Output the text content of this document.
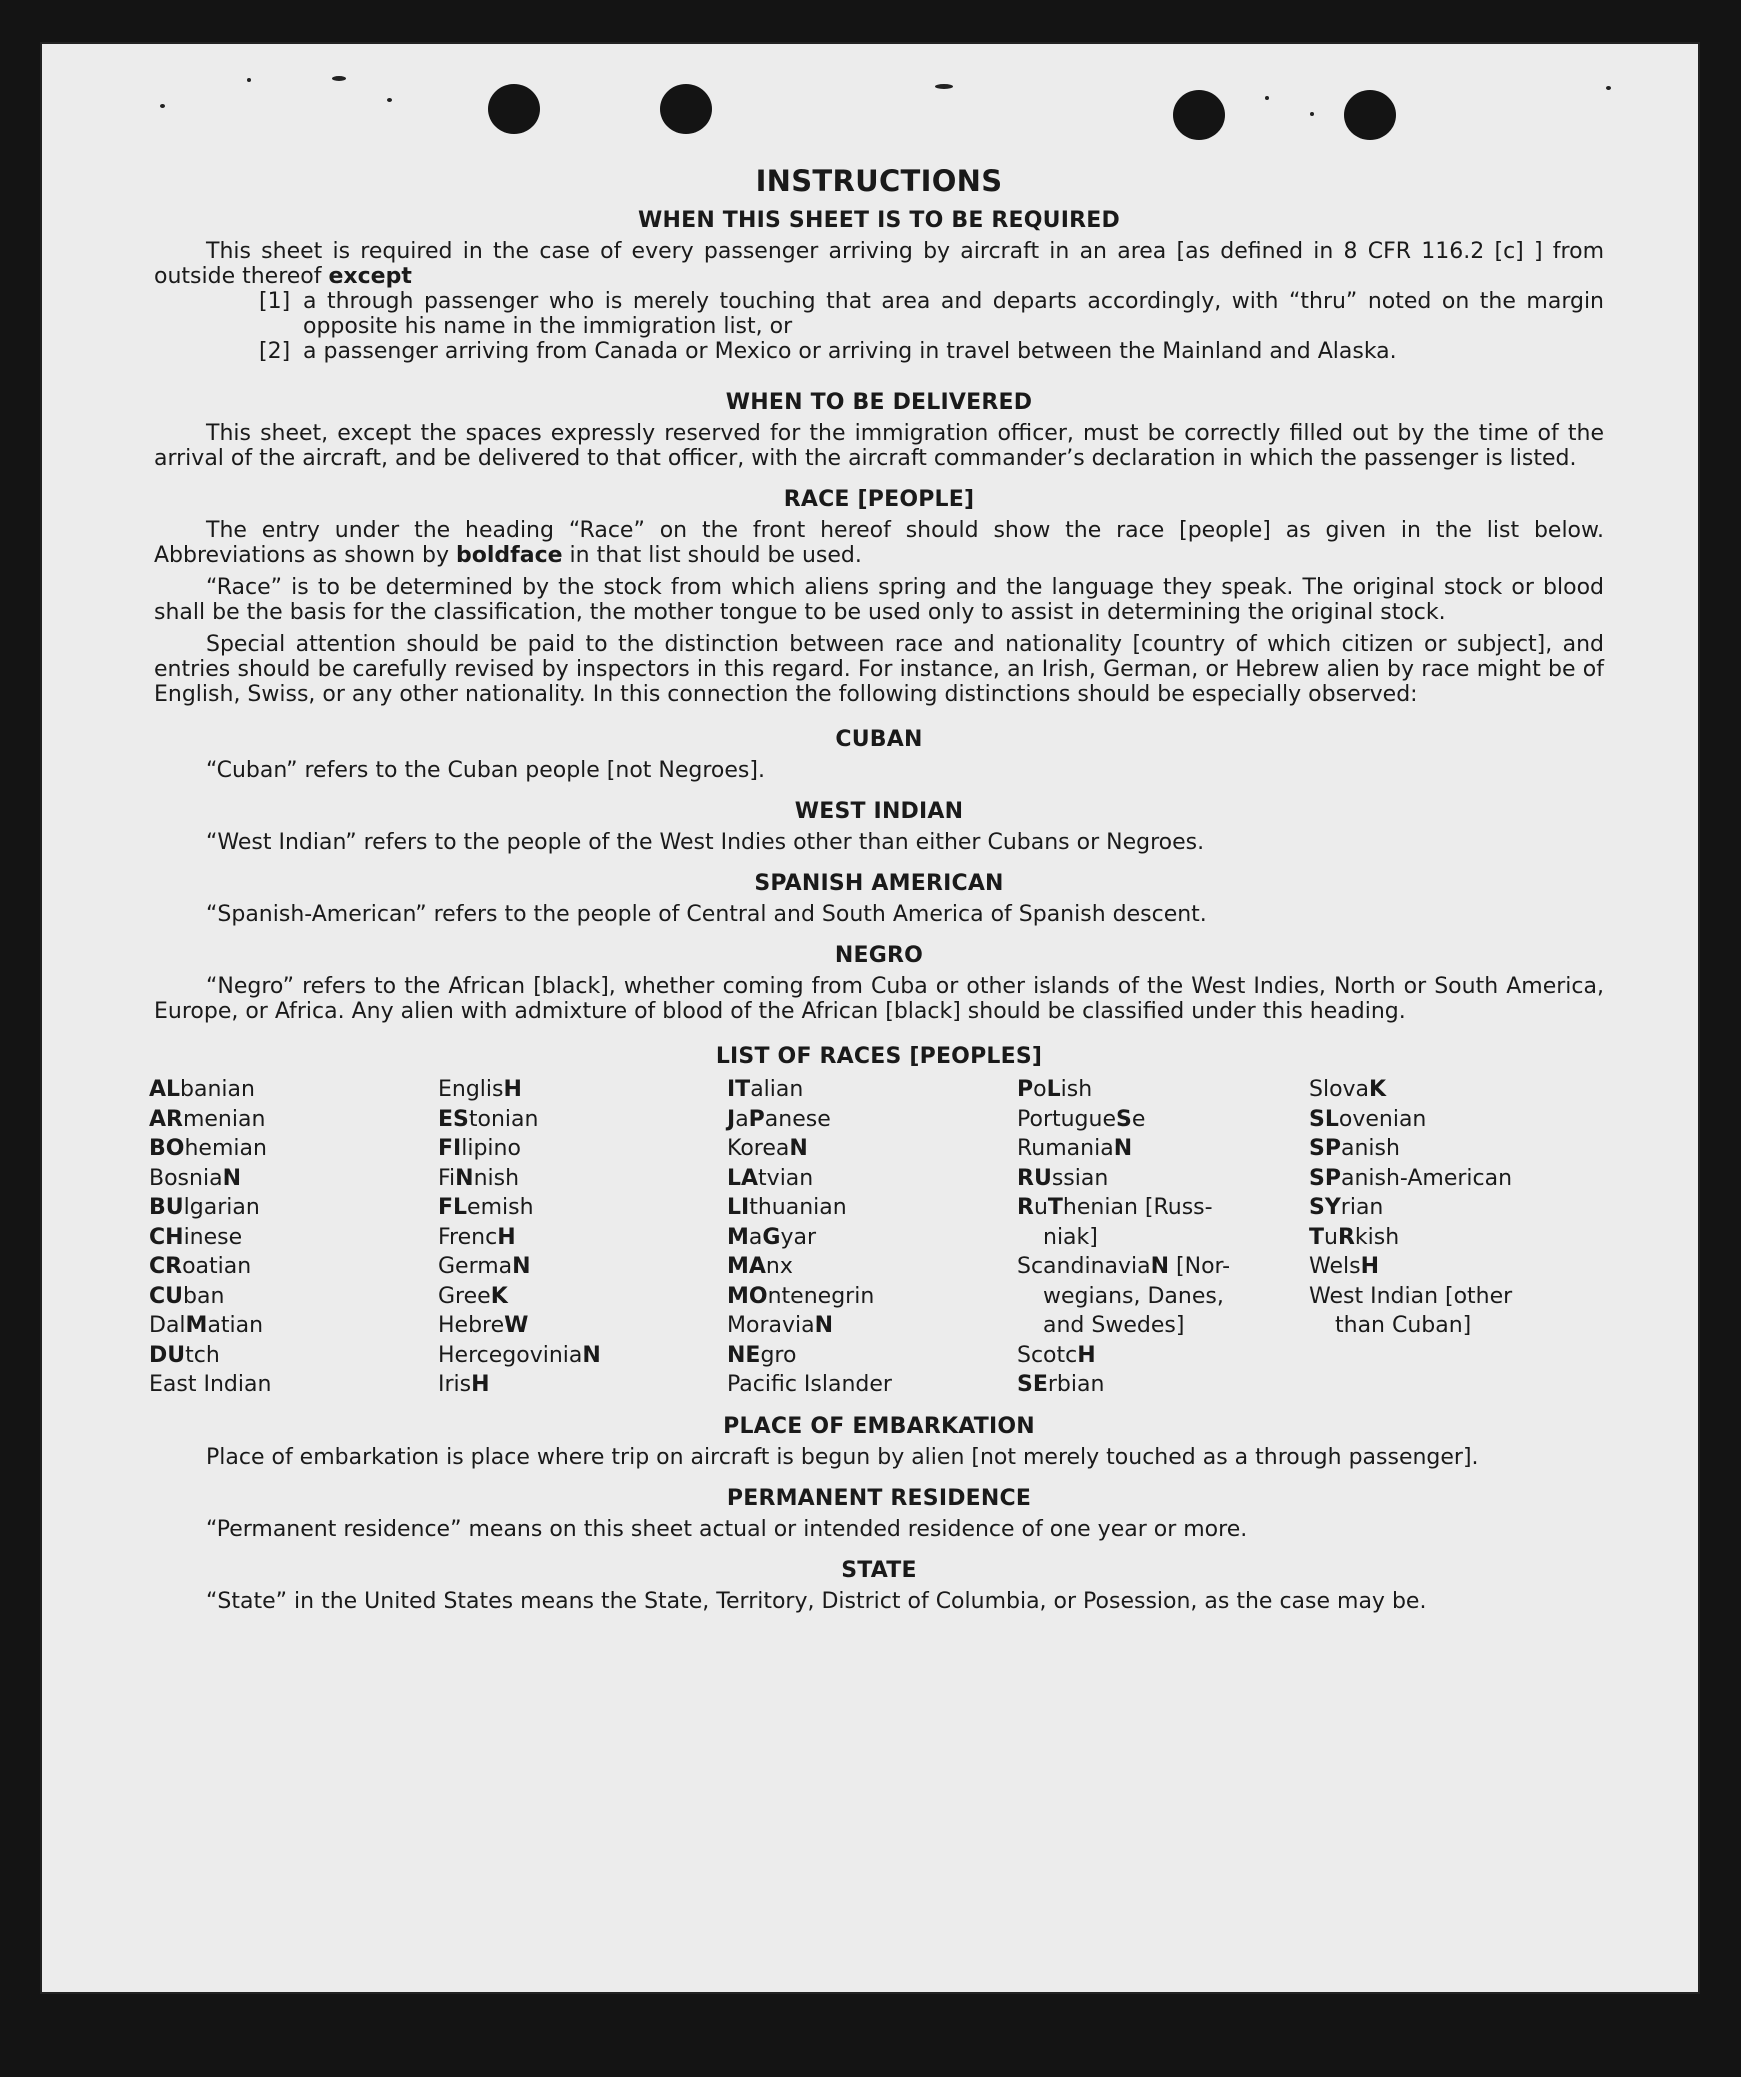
INSTRUCTIONS
WHEN THIS SHEET IS TO BE REQUIRED

This sheet is required in the case of every passenger arriving by aircraft in an area [as defined in 8 CFR 116.2 [c] ] from outside thereof except

[1] a through passenger who is merely touching that area and departs accordingly, with “thru” noted on the margin opposite his name in the immigration list, or
[2] a passenger arriving from Canada or Mexico or arriving in travel between the Mainland and Alaska.
WHEN TO BE DELIVERED

This sheet, except the spaces expressly reserved for the immigration officer, must be correctly filled out by the time of the arrival of the aircraft, and be delivered to that officer, with the aircraft commander’s declaration in which the passenger is listed.

RACE [PEOPLE]

The entry under the heading “Race” on the front hereof should show the race [people] as given in the list below. Abbreviations as shown by boldface in that list should be used.

“Race” is to be determined by the stock from which aliens spring and the language they speak. The original stock or blood shall be the basis for the classification, the mother tongue to be used only to assist in determining the original stock.

Special attention should be paid to the distinction between race and nationality [country of which citizen or subject], and entries should be carefully revised by inspectors in this regard. For instance, an Irish, German, or Hebrew alien by race might be of English, Swiss, or any other nationality. In this connection the following distinctions should be especially observed:

CUBAN

“Cuban” refers to the Cuban people [not Negroes].

WEST INDIAN

“West Indian” refers to the people of the West Indies other than either Cubans or Negroes.

SPANISH AMERICAN

“Spanish-American” refers to the people of Central and South America of Spanish descent.

NEGRO

“Negro” refers to the African [black], whether coming from Cuba or other islands of the West Indies, North or South America, Europe, or Africa. Any alien with admixture of blood of the African [black] should be classified under this heading.

LIST OF RACES [PEOPLES]
ALbanian
ARmenian
BOhemian
BosniaN
BUlgarian
CHinese
CRoatian
CUban
DalMatian
DUtch
East Indian
EnglisH
EStonian
FIlipino
FiNnish
FLemish
FrencH
GermaN
GreeK
HebreW
HercegoviniaN
IrisH
ITalian
JaPanese
KoreaN
LAtvian
LIthuanian
MaGyar
MAnx
MOntenegrin
MoraviaN
NEgro
Pacific Islander
PoLish
PortugueSe
RumaniaN
RUssian
RuThenian [Russ-
niak]
ScandinaviaN [Nor-
wegians, Danes,
and Swedes]
ScotcH
SErbian
SlovaK
SLovenian
SPanish
SPanish-American
SYrian
TuRkish
WelsH
West Indian [other
than Cuban]
PLACE OF EMBARKATION

Place of embarkation is place where trip on aircraft is begun by alien [not merely touched as a through passenger].

PERMANENT RESIDENCE

“Permanent residence” means on this sheet actual or intended residence of one year or more.

STATE

“State” in the United States means the State, Territory, District of Columbia, or Posession, as the case may be.
